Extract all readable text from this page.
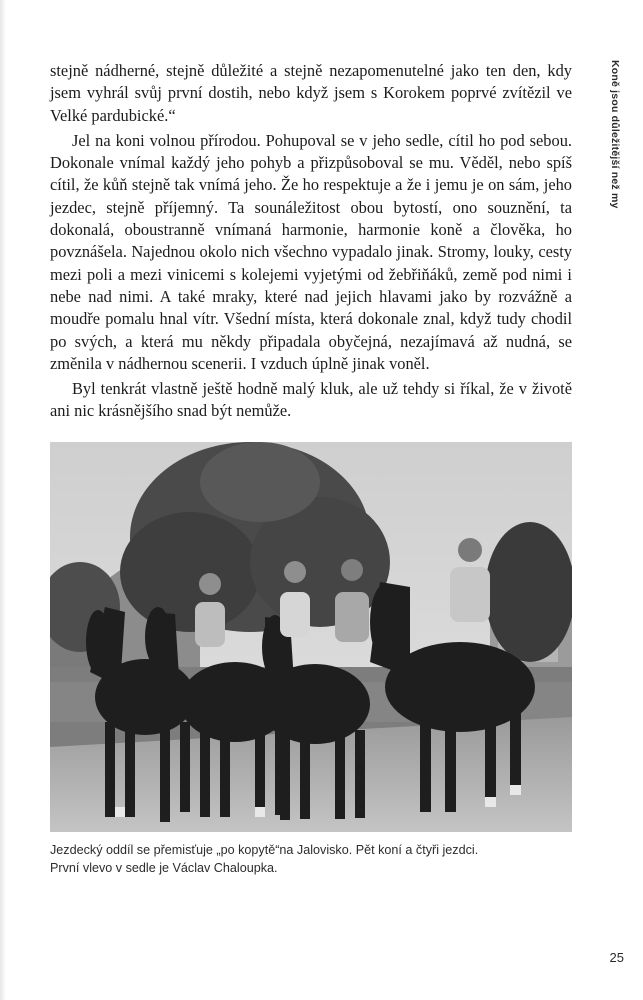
Koně jsou důležitější než my

stejně nádherné, stejně důležité a stejně nezapomenutelné jako ten den, kdy jsem vyhrál svůj první dostih, nebo když jsem s Korokem poprvé zvítězil ve Velké pardubické.“

Jel na koni volnou přírodou. Pohupoval se v jeho sedle, cítil ho pod sebou. Dokonale vnímal každý jeho pohyb a přizpůsoboval se mu. Věděl, nebo spíš cítil, že kůň stejně tak vnímá jeho. Že ho respektuje a že i jemu je on sám, jeho jezdec, stejně příjemný. Ta sounáležitost obou bytostí, ono souznění, ta dokonalá, oboustranně vnímaná harmonie, harmonie koně a člověka, ho povznášela. Najednou okolo nich všechno vypadalo jinak. Stromy, louky, cesty mezi poli a mezi vinicemi s kolejemi vyjetými od žebřiňáků, země pod nimi i nebe nad nimi. A také mraky, které nad jejich hlavami jako by rozvážně a moudře pomalu hnal vítr. Všední místa, která dokonale znal, když tudy chodil po svých, a která mu někdy připadala obyčejná, nezajímavá až nudná, se změnila v nádhernou scenerii. I vzduch úplně jinak voněl.

Byl tenkrát vlastně ještě hodně malý kluk, ale už tehdy si říkal, že v životě ani nic krásnějšího snad být nemůže.

Jezdecký oddíl se přemisťuje „po kopytě“na Jalovisko. Pět koní a čtyři jezdci.
První vlevo v sedle je Václav Chaloupka.
25
